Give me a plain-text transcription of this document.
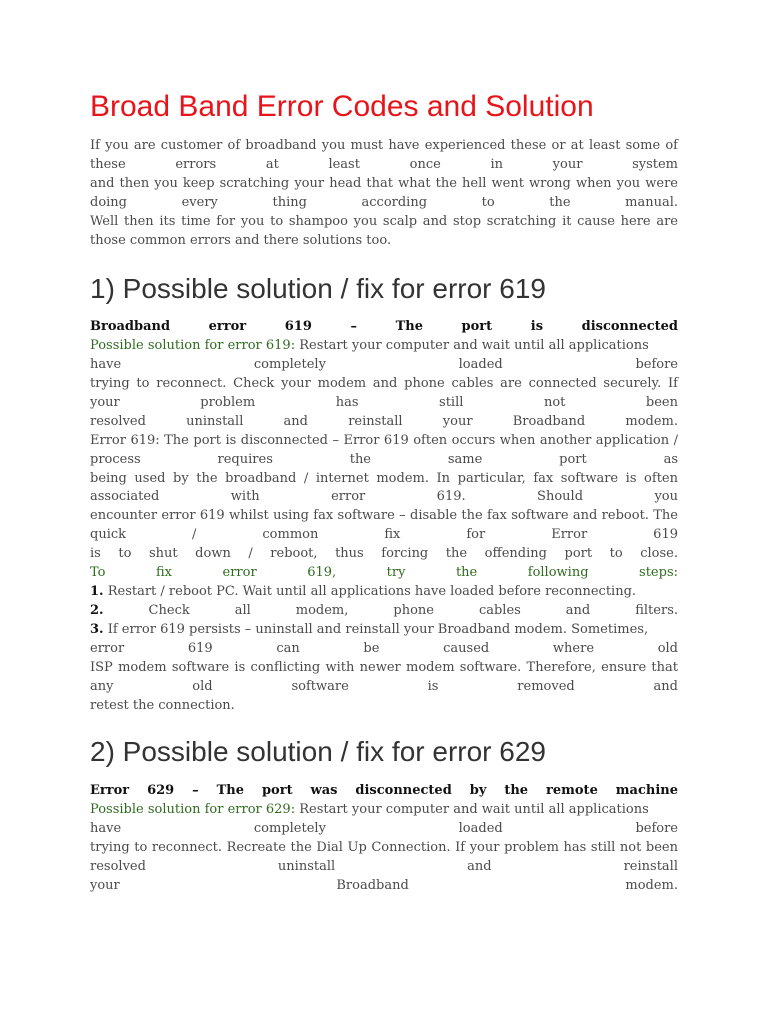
Broad Band Error Codes and Solution
If you are customer of broadband you must have experienced these or at least some of
these errors at least once in your system
and then you keep scratching your head that what the hell went wrong when you were
doing every thing according to the manual.
Well then its time for you to shampoo you scalp and stop scratching it cause here are
those common errors and there solutions too.
1) Possible solution / fix for error 619
Broadband error 619 – The port is disconnected
Possible solution for error 619: Restart your computer and wait until all applications
have completely loaded before
trying to reconnect. Check your modem and phone cables are connected securely. If
your problem has still not been
resolved uninstall and reinstall your Broadband modem.
Error 619: The port is disconnected – Error 619 often occurs when another application /
process requires the same port as
being used by the broadband / internet modem. In particular, fax software is often
associated with error 619. Should you
encounter error 619 whilst using fax software – disable the fax software and reboot. The
quick / common fix for Error 619
is to shut down / reboot, thus forcing the offending port to close.
To fix error 619, try the following steps:
1. Restart / reboot PC. Wait until all applications have loaded before reconnecting.
2. Check all modem, phone cables and filters.
3. If error 619 persists – uninstall and reinstall your Broadband modem. Sometimes,
error 619 can be caused where old
ISP modem software is conflicting with newer modem software. Therefore, ensure that
any old software is removed and
retest the connection.
2) Possible solution / fix for error 629
Error 629 – The port was disconnected by the remote machine
Possible solution for error 629: Restart your computer and wait until all applications
have completely loaded before
trying to reconnect. Recreate the Dial Up Connection. If your problem has still not been
resolved uninstall and reinstall
your Broadband modem.
